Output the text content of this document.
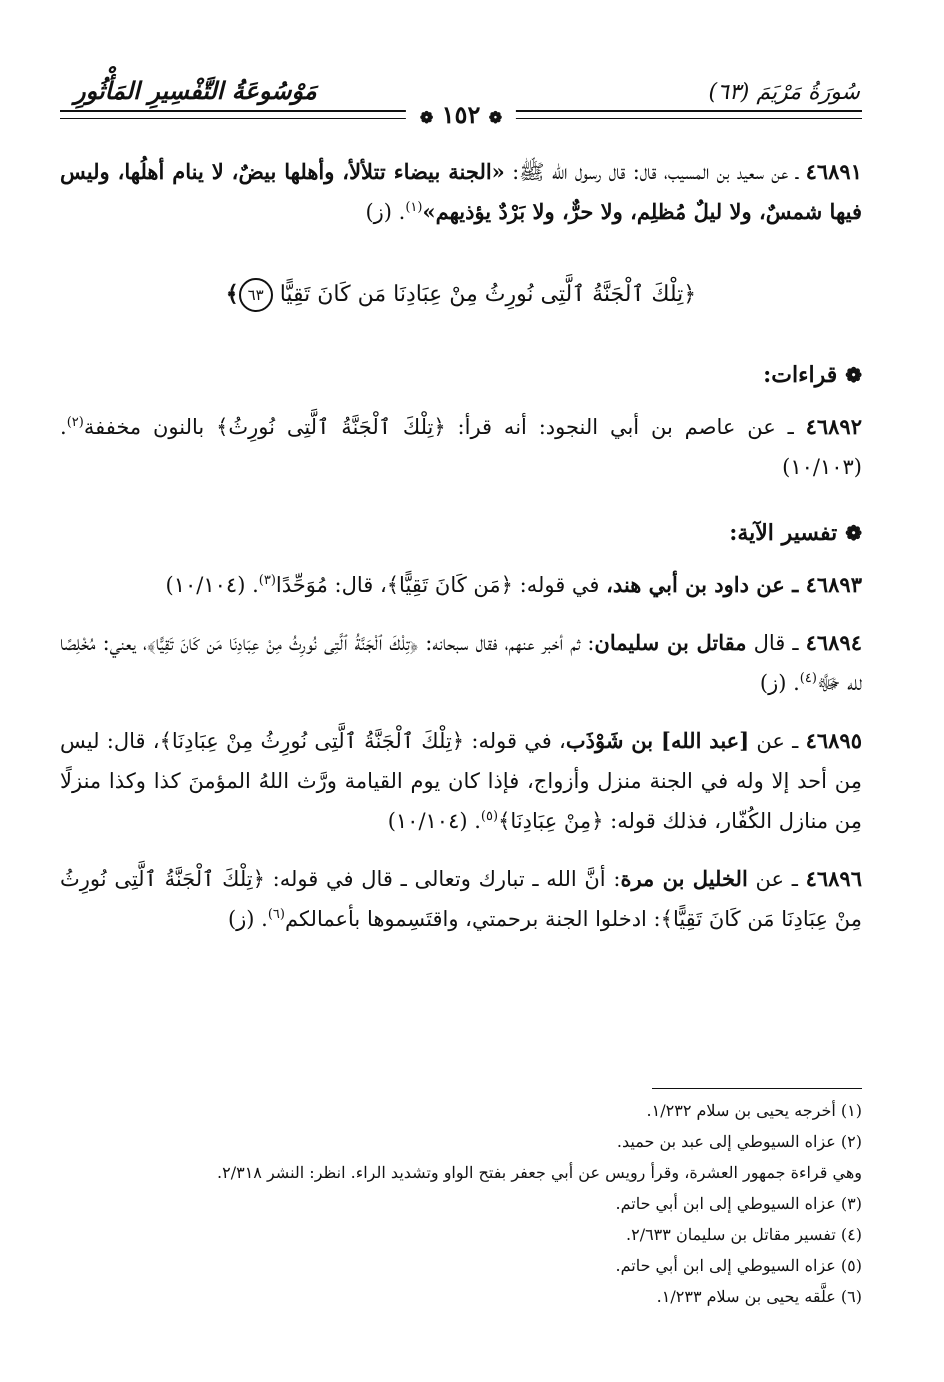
سُورَةُ مَرْيَمَ (٦٣)
مَوْسُوعَةُ التَّفْسِيرِ المَأْثُورِ
❁ ١٥٢ ❁

٤٦٨٩١ ـ عن سعيد بن المسيب، قال: قال رسول الله ﷺ: «الجنة بيضاء تتلألأ، وأهلها بيضٌ، لا ينام أهلُها، وليس فيها شمسٌ، ولا ليلٌ مُظلِم، ولا حرٌّ، ولا بَرْدٌ يؤذيهم»$^{(١)}$. (ز)

﴿تِلْكَ ٱلْجَنَّةُ ٱلَّتِى نُورِثُ مِنْ عِبَادِنَا مَن كَانَ تَقِيًّا ٦٣﴾
❁قراءات:

٤٦٨٩٢ ـ عن عاصم بن أبي النجود: أنه قرأ: ﴿تِلْكَ ٱلْجَنَّةُ ٱلَّتِى نُورِثُ﴾ بالنون مخففة$^{(٢)}$. (١٠/١٠٣)

❁تفسير الآية:

٤٦٨٩٣ ـ عن داود بن أبي هند، في قوله: ﴿مَن كَانَ تَقِيًّا﴾، قال: مُوَحِّدًا$^{(٣)}$. (١٠/١٠٤)

٤٦٨٩٤ ـ قال مقاتل بن سليمان: ثم أخبر عنهم، فقال سبحانه: ﴿تِلْكَ ٱلْجَنَّةُ ٱلَّتِى نُورِثُ مِنْ عِبَادِنَا مَن كَانَ تَقِيًّا﴾، يعني: مُخْلِصًا لله ﷻ$^{(٤)}$. (ز)

٤٦٨٩٥ ـ عن [عبد الله] بن شَوْذَب، في قوله: ﴿تِلْكَ ٱلْجَنَّةُ ٱلَّتِى نُورِثُ مِنْ عِبَادِنَا﴾، قال: ليس مِن أحد إلا وله في الجنة منزل وأزواج، فإذا كان يوم القيامة ورَّث اللهُ المؤمنَ كذا وكذا منزلًا مِن منازل الكُفّار، فذلك قوله: ﴿مِنْ عِبَادِنَا﴾$^{(٥)}$. (١٠/١٠٤)

٤٦٨٩٦ ـ عن الخليل بن مرة: أنَّ الله ـ تبارك وتعالى ـ قال في قوله: ﴿تِلْكَ ٱلْجَنَّةُ ٱلَّتِى نُورِثُ مِنْ عِبَادِنَا مَن كَانَ تَقِيًّا﴾: ادخلوا الجنة برحمتي، واقتَسِموها بأعمالكم$^{(٦)}$. (ز)

(١) أخرجه يحيى بن سلام ١/٢٣٢.
(٢) عزاه السيوطي إلى عبد بن حميد.
وهي قراءة جمهور العشرة، وقرأ رويس عن أبي جعفر بفتح الواو وتشديد الراء. انظر: النشر ٢/٣١٨.
(٣) عزاه السيوطي إلى ابن أبي حاتم.
(٤) تفسير مقاتل بن سليمان ٢/٦٣٣.
(٥) عزاه السيوطي إلى ابن أبي حاتم.
(٦) علَّقه يحيى بن سلام ١/٢٣٣.
